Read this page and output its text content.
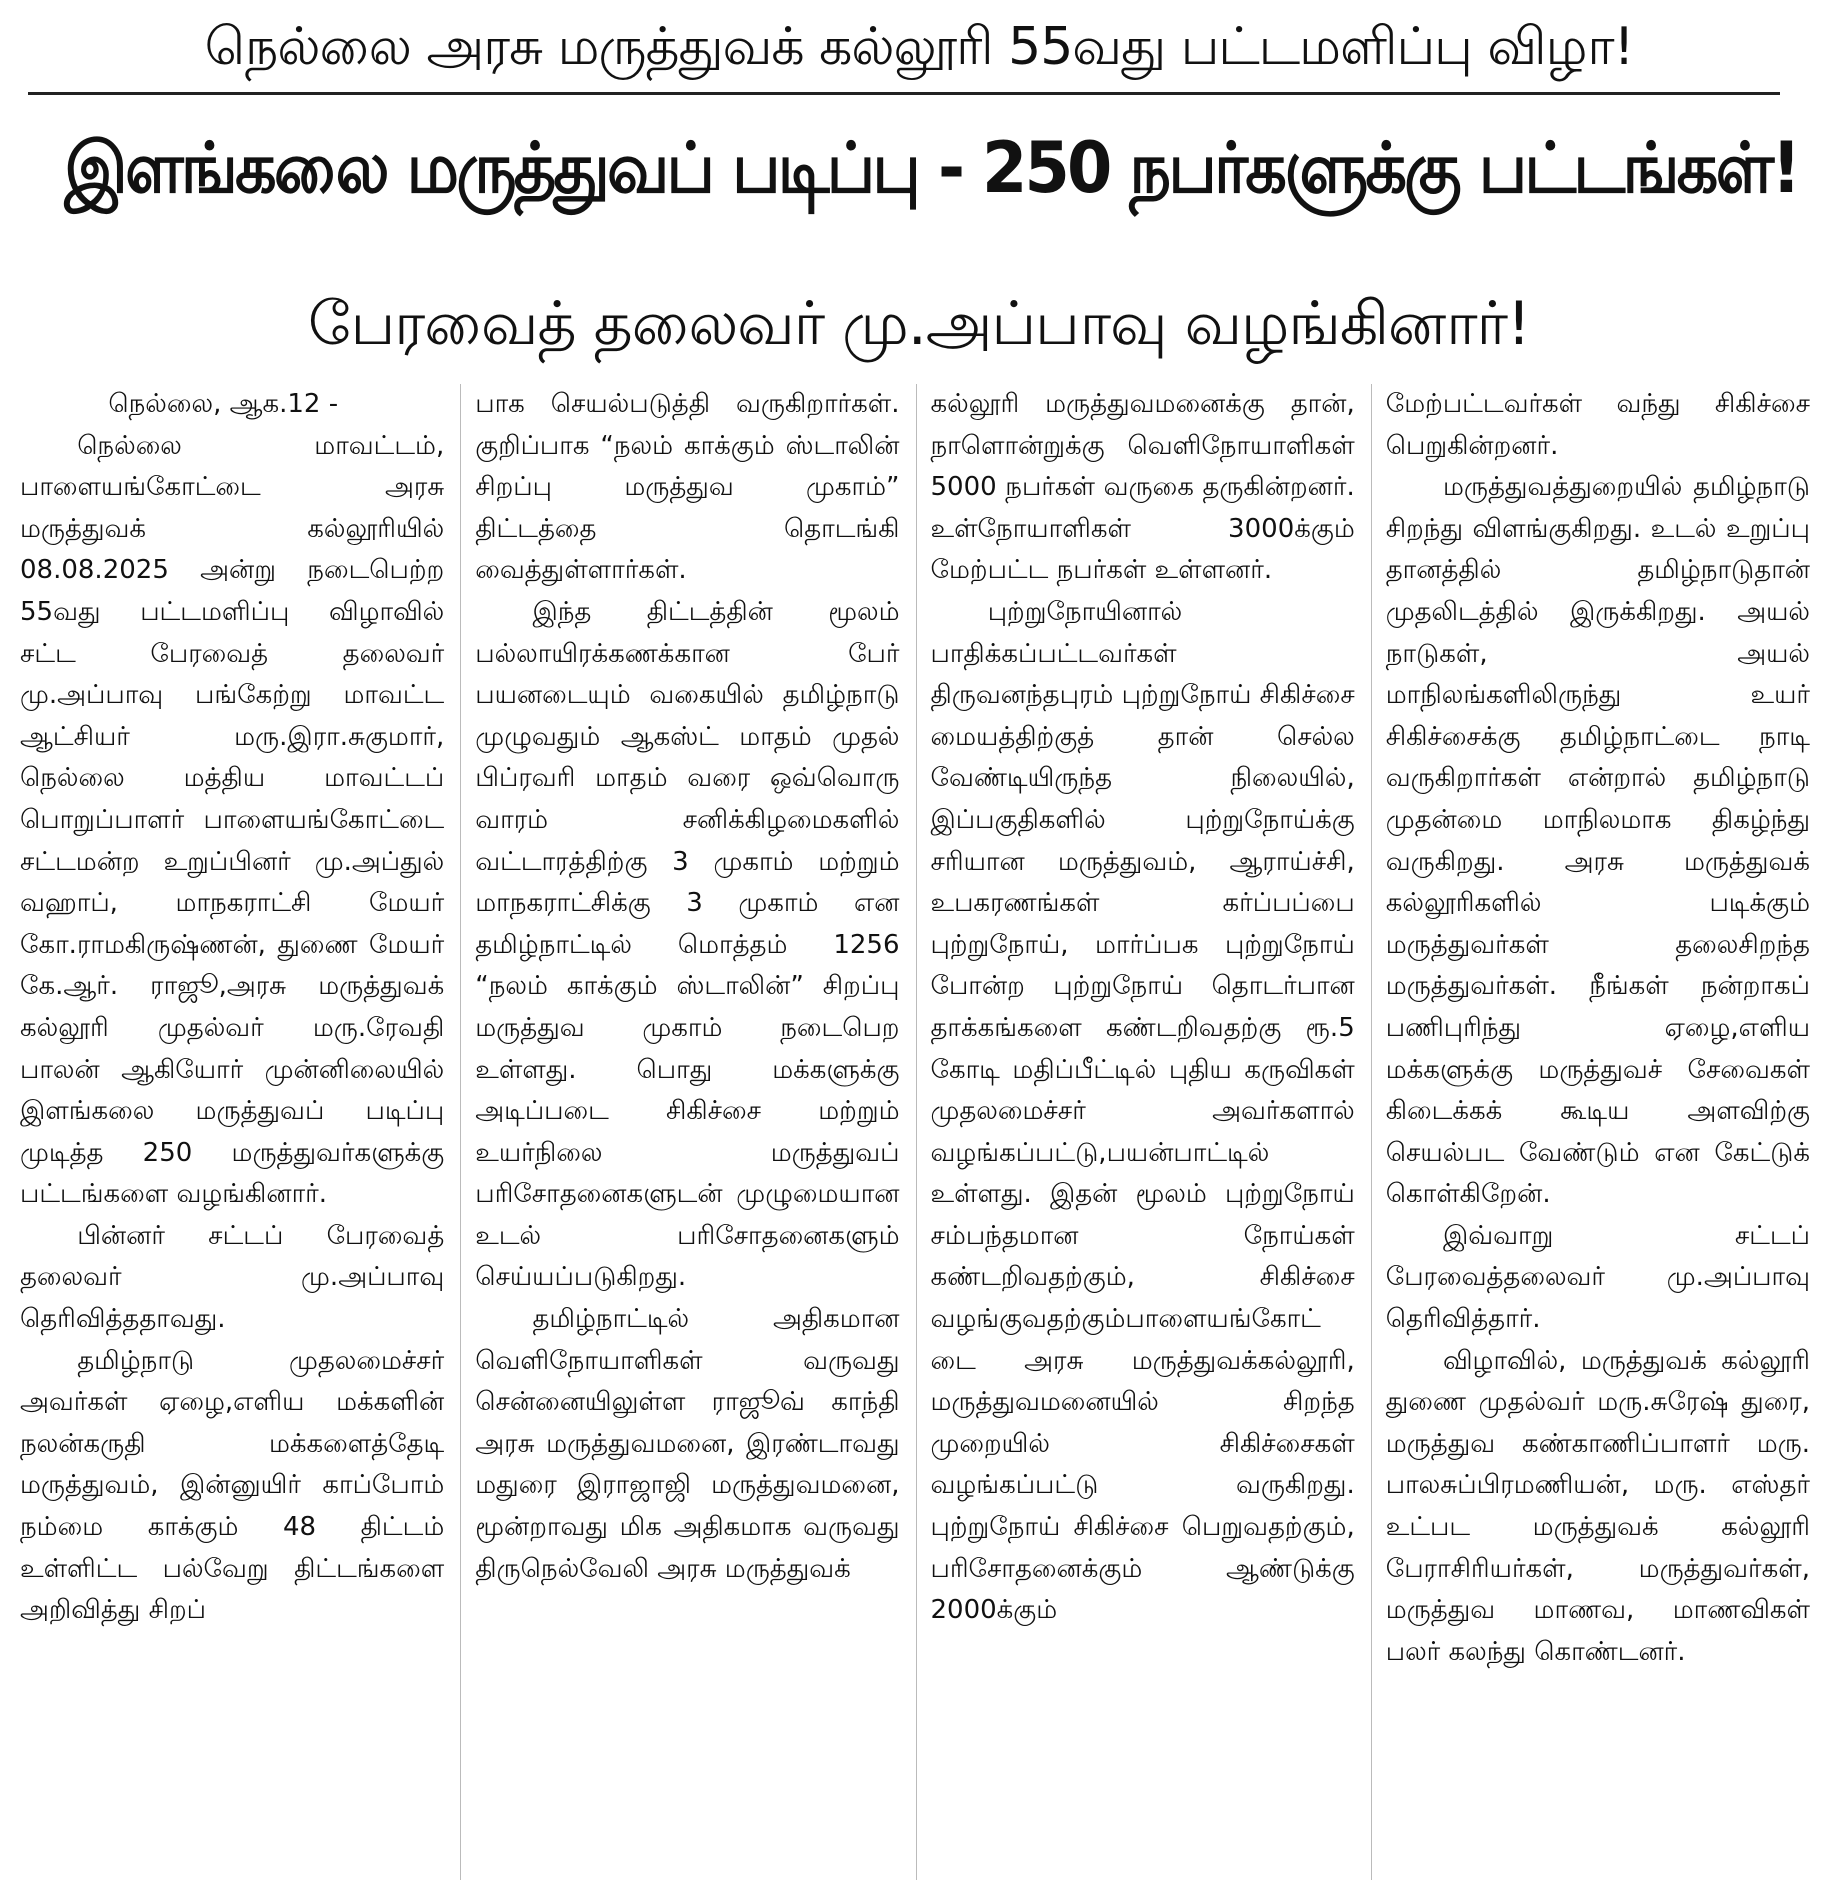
நெல்லை அரசு மருத்துவக் கல்லூரி 55வது பட்டமளிப்பு விழா!
இளங்கலை மருத்துவப் படிப்பு - 250 நபர்களுக்கு பட்டங்கள்!
பேரவைத் தலைவர் மு.அப்பாவு வழங்கினார்!

நெல்லை, ஆக.12 -

நெல்லை மாவட்டம், பாளையங்கோட்டை அரசு மருத்துவக் கல்லூரியில் 08.08.2025 அன்று நடைபெற்ற 55வது பட்டமளிப்பு விழாவில் சட்ட பேரவைத் தலைவர் மு.அப்பாவு பங்கேற்று மாவட்ட ஆட்சியர் மரு.இரா.சுகுமார், நெல்லை மத்திய மாவட்டப் பொறுப்பாளர் பாளையங்கோட்டை சட்டமன்ற உறுப்பினர் மு.அப்துல் வஹாப், மாநகராட்சி மேயர் கோ.ராமகிருஷ்ணன், துணை மேயர் கே.ஆர். ராஜூ,அரசு மருத்துவக் கல்லூரி முதல்வர் மரு.ரேவதி பாலன் ஆகியோர் முன்னிலையில் இளங்கலை மருத்துவப் படிப்பு முடித்த 250 மருத்துவர்களுக்கு பட்டங்களை வழங்கினார்.

பின்னர் சட்டப் பேரவைத் தலைவர் மு.அப்பாவு தெரிவித்ததாவது.

தமிழ்நாடு முதலமைச்சர் அவர்கள் ஏழை,எளிய மக்களின் நலன்கருதி மக்களைத்தேடி மருத்துவம், இன்னுயிர் காப்போம் நம்மை காக்கும் 48 திட்டம் உள்ளிட்ட பல்வேறு திட்டங்களை அறிவித்து சிறப்

பாக செயல்படுத்தி வருகிறார்கள். குறிப்பாக “நலம் காக்கும் ஸ்டாலின் சிறப்பு மருத்துவ முகாம்” திட்டத்தை தொடங்கி வைத்துள்ளார்கள்.

இந்த திட்டத்தின் மூலம் பல்லாயிரக்கணக்கான பேர் பயனடையும் வகையில் தமிழ்நாடு முழுவதும் ஆகஸ்ட் மாதம் முதல் பிப்ரவரி மாதம் வரை ஒவ்வொரு வாரம் சனிக்கிழமைகளில் வட்டாரத்திற்கு 3 முகாம் மற்றும் மாநகராட்சிக்கு 3 முகாம் என தமிழ்நாட்டில் மொத்தம் 1256 “நலம் காக்கும் ஸ்டாலின்” சிறப்பு மருத்துவ முகாம் நடைபெற உள்ளது. பொது மக்களுக்கு அடிப்படை சிகிச்சை மற்றும் உயர்நிலை மருத்துவப் பரிசோதனைகளுடன் முழுமையான உடல் பரிசோதனைகளும் செய்யப்படுகிறது.

தமிழ்நாட்டில் அதிகமான வெளிநோயாளிகள் வருவது சென்னையிலுள்ள ராஜூவ் காந்தி அரசு மருத்துவமனை, இரண்டாவது மதுரை இராஜாஜி மருத்துவமனை, மூன்றாவது மிக அதிகமாக வருவது திருநெல்வேலி அரசு மருத்துவக்

கல்லூரி மருத்துவமனைக்கு தான், நாளொன்றுக்கு வெளிநோயாளிகள் 5000 நபர்கள் வருகை தருகின்றனர். உள்நோயாளிகள் 3000க்கும் மேற்பட்ட நபர்கள் உள்ளனர்.

புற்றுநோயினால் பாதிக்கப்பட்டவர்கள் திருவனந்தபுரம் புற்றுநோய் சிகிச்சை மையத்திற்குத் தான் செல்ல வேண்டியிருந்த நிலையில், இப்பகுதிகளில் புற்றுநோய்க்கு சரியான மருத்துவம், ஆராய்ச்சி, உபகரணங்கள் கர்ப்பப்பை புற்றுநோய், மார்ப்பக புற்றுநோய் போன்ற புற்றுநோய் தொடர்பான தாக்கங்களை கண்டறிவதற்கு ரூ.5 கோடி மதிப்பீட்டில் புதிய கருவிகள் முதலமைச்சர் அவர்களால் வழங்கப்பட்டு,பயன்பாட்டில் உள்ளது. இதன் மூலம் புற்றுநோய் சம்பந்தமான நோய்கள் கண்டறிவதற்கும், சிகிச்சை வழங்குவதற்கும்பாளையங்கோட்டை அரசு மருத்துவக்கல்லூரி, மருத்துவமனையில் சிறந்த முறையில் சிகிச்சைகள் வழங்கப்பட்டு வருகிறது. புற்றுநோய் சிகிச்சை பெறுவதற்கும், பரிசோதனைக்கும் ஆண்டுக்கு 2000க்கும்

மேற்பட்டவர்கள் வந்து சிகிச்சை பெறுகின்றனர்.

மருத்துவத்துறையில் தமிழ்நாடு சிறந்து விளங்குகிறது. உடல் உறுப்பு தானத்தில் தமிழ்நாடுதான் முதலிடத்தில் இருக்கிறது. அயல் நாடுகள், அயல் மாநிலங்களிலிருந்து உயர் சிகிச்சைக்கு தமிழ்நாட்டை நாடி வருகிறார்கள் என்றால் தமிழ்நாடு முதன்மை மாநிலமாக திகழ்ந்து வருகிறது. அரசு மருத்துவக் கல்லூரிகளில் படிக்கும் மருத்துவர்கள் தலைசிறந்த மருத்துவர்கள். நீங்கள் நன்றாகப் பணிபுரிந்து ஏழை,எளிய மக்களுக்கு மருத்துவச் சேவைகள் கிடைக்கக் கூடிய அளவிற்கு செயல்பட வேண்டும் என கேட்டுக் கொள்கிறேன்.

இவ்வாறு சட்டப் பேரவைத்தலைவர் மு.அப்பாவு தெரிவித்தார்.

விழாவில், மருத்துவக் கல்லூரி துணை முதல்வர் மரு.சுரேஷ் துரை, மருத்துவ கண்காணிப்பாளர் மரு. பாலசுப்பிரமணியன், மரு. எஸ்தர் உட்பட மருத்துவக் கல்லூரி பேராசிரியர்கள், மருத்துவர்கள், மருத்துவ மாணவ, மாணவிகள் பலர் கலந்து கொண்டனர்.
